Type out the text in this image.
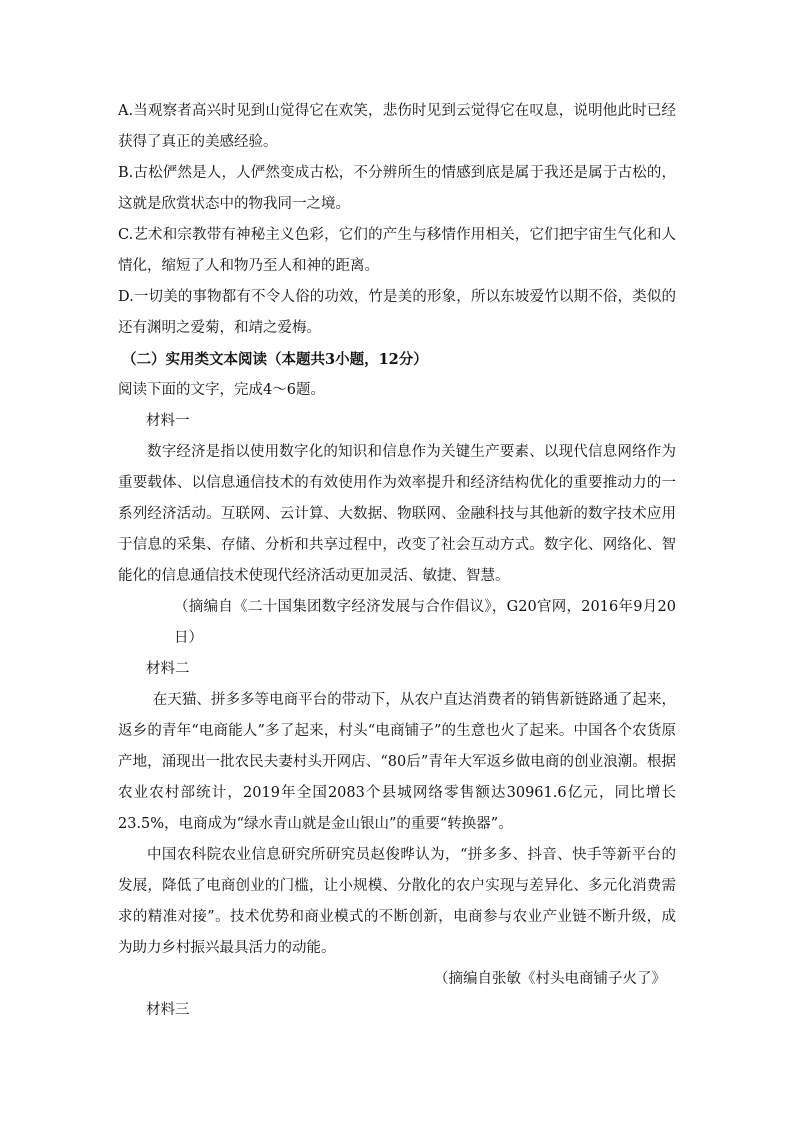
A.当观察者高兴时见到山觉得它在欢笑，悲伤时见到云觉得它在叹息，说明他此时已经获得了真正的美感经验。

B.古松俨然是人，人俨然变成古松，不分辨所生的情感到底是属于我还是属于古松的，这就是欣赏状态中的物我同一之境。

C.艺术和宗教带有神秘主义色彩，它们的产生与移情作用相关，它们把宇宙生气化和人情化，缩短了人和物乃至人和神的距离。

D.一切美的事物都有不令人俗的功效，竹是美的形象，所以东坡爱竹以期不俗，类似的还有渊明之爱菊，和靖之爱梅。

（二）实用类文本阅读（本题共3小题，12分）

阅读下面的文字，完成4～6题。

材料一

数字经济是指以使用数字化的知识和信息作为关键生产要素、以现代信息网络作为重要载体、以信息通信技术的有效使用作为效率提升和经济结构优化的重要推动力的一系列经济活动。互联网、云计算、大数据、物联网、金融科技与其他新的数字技术应用于信息的采集、存储、分析和共享过程中，改变了社会互动方式。数字化、网络化、智能化的信息通信技术使现代经济活动更加灵活、敏捷、智慧。

（摘编自《二十国集团数字经济发展与合作倡议》，G20官网，2016年9月20日）

材料二

在天猫、拼多多等电商平台的带动下，从农户直达消费者的销售新链路通了起来，返乡的青年“电商能人”多了起来，村头“电商铺子”的生意也火了起来。中国各个农货原产地，涌现出一批农民夫妻村头开网店、“80后”青年大军返乡做电商的创业浪潮。根据农业农村部统计，2019年全国2083个县城网络零售额达30961.6亿元，同比增长23.5%，电商成为“绿水青山就是金山银山”的重要“转换器”。

中国农科院农业信息研究所研究员赵俊晔认为，“拼多多、抖音、快手等新平台的发展，降低了电商创业的门槛，让小规模、分散化的农户实现与差异化、多元化消费需求的精准对接”。技术优势和商业模式的不断创新，电商参与农业产业链不断升级，成为助力乡村振兴最具活力的动能。

（摘编自张敏《村头电商铺子火了》

材料三
